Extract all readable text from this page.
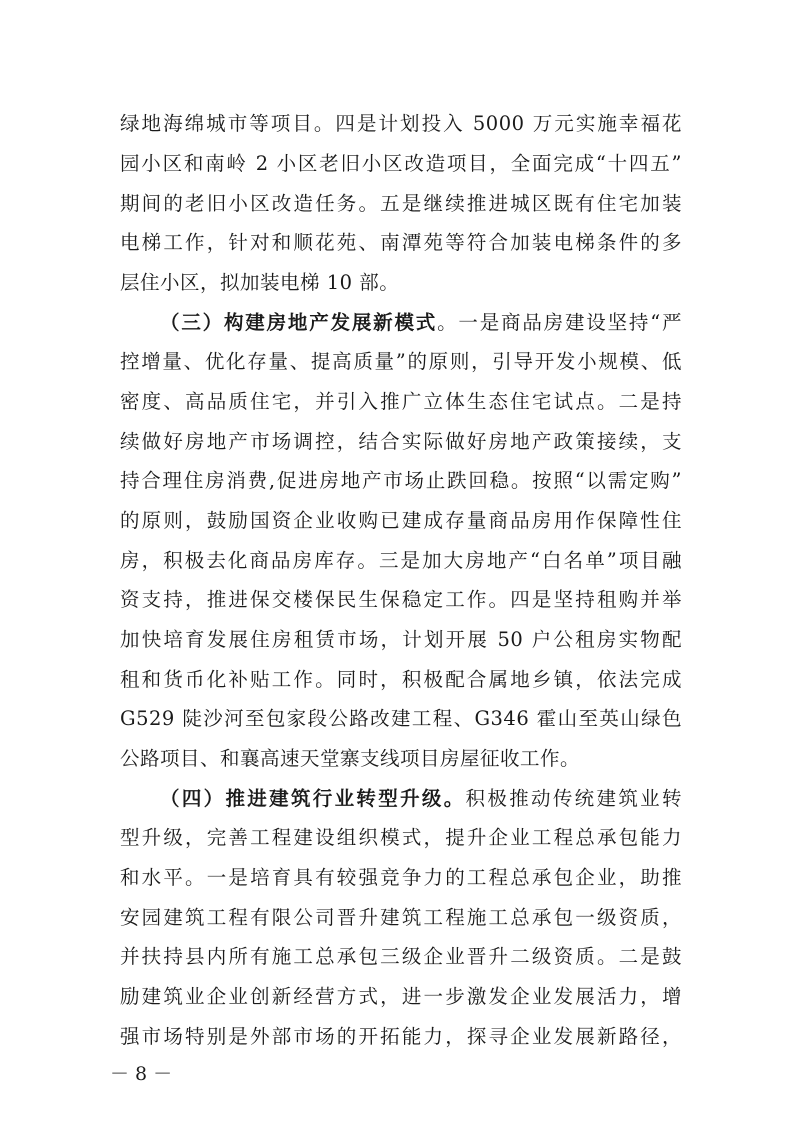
绿地海绵城市等项目。四是计划投入 5000 万元实施幸福花
园小区和南岭 2 小区老旧小区改造项目，全面完成“十四五”
期间的老旧小区改造任务。五是继续推进城区既有住宅加装
电梯工作，针对和顺花苑、南潭苑等符合加装电梯条件的多
层住小区，拟加装电梯 10 部。
（三）构建房地产发展新模式。一是商品房建设坚持“严
控增量、优化存量、提高质量”的原则，引导开发小规模、低
密度、高品质住宅，并引入推广立体生态住宅试点。二是持
续做好房地产市场调控，结合实际做好房地产政策接续，支
持合理住房消费,促进房地产市场止跌回稳。按照“以需定购”
的原则，鼓励国资企业收购已建成存量商品房用作保障性住
房，积极去化商品房库存。三是加大房地产“白名单”项目融
资支持，推进保交楼保民生保稳定工作。四是坚持租购并举
加快培育发展住房租赁市场，计划开展 50 户公租房实物配
租和货币化补贴工作。同时，积极配合属地乡镇，依法完成
G529 陡沙河至包家段公路改建工程、G346 霍山至英山绿色
公路项目、和襄高速天堂寨支线项目房屋征收工作。
（四）推进建筑行业转型升级。积极推动传统建筑业转
型升级，完善工程建设组织模式，提升企业工程总承包能力
和水平。一是培育具有较强竞争力的工程总承包企业，助推
安园建筑工程有限公司晋升建筑工程施工总承包一级资质，
并扶持县内所有施工总承包三级企业晋升二级资质。二是鼓
励建筑业企业创新经营方式，进一步激发企业发展活力，增
强市场特别是外部市场的开拓能力，探寻企业发展新路径，
－ 8 －
